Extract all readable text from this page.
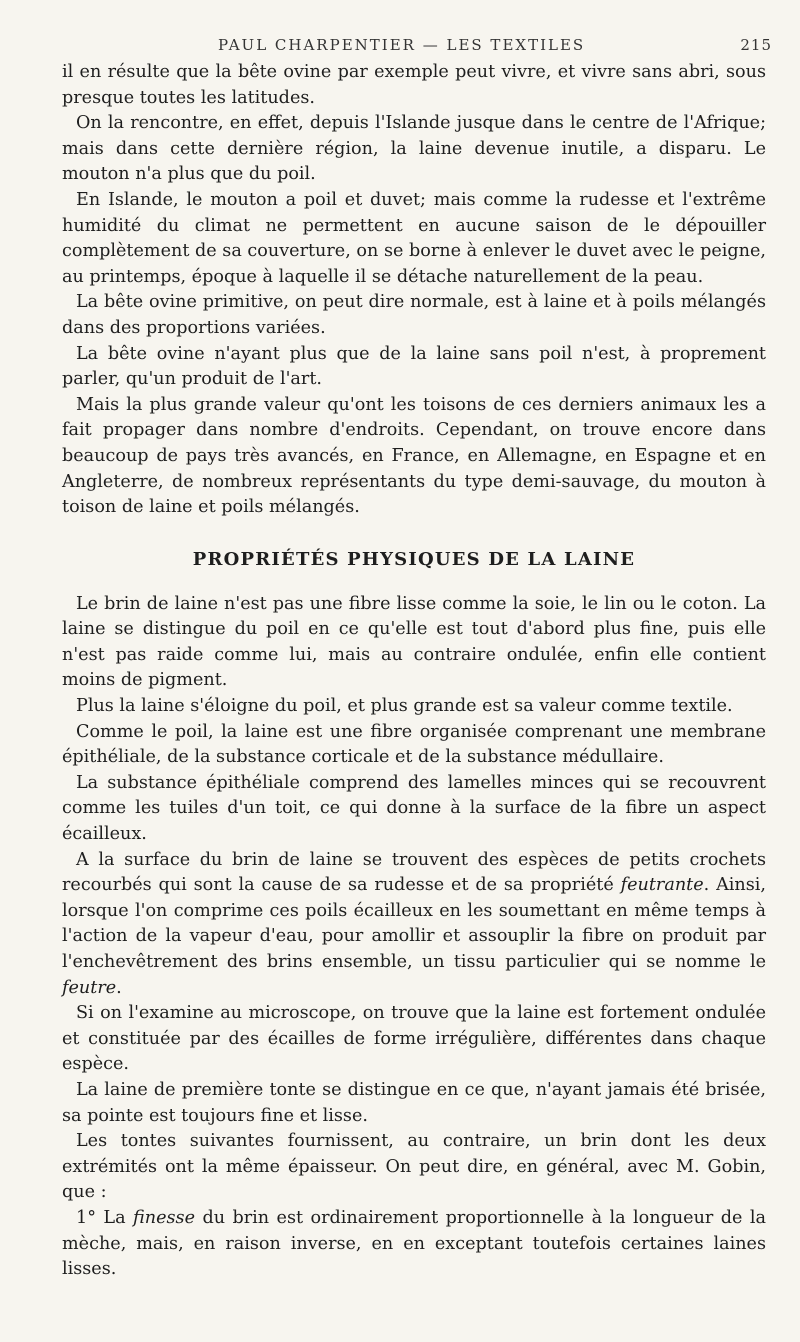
PAUL CHARPENTIER — LES TEXTILES	215

il en résulte que la bête ovine par exemple peut vivre, et vivre sans abri, sous presque toutes les latitudes.

On la rencontre, en effet, depuis l'Islande jusque dans le centre de l'Afrique; mais dans cette dernière région, la laine devenue inutile, a disparu. Le mouton n'a plus que du poil.

En Islande, le mouton a poil et duvet; mais comme la rudesse et l'extrême humidité du climat ne permettent en aucune saison de le dépouiller complètement de sa couverture, on se borne à enlever le duvet avec le peigne, au printemps, époque à laquelle il se détache naturellement de la peau.

La bête ovine primitive, on peut dire normale, est à laine et à poils mélangés dans des proportions variées.

La bête ovine n'ayant plus que de la laine sans poil n'est, à proprement parler, qu'un produit de l'art.

Mais la plus grande valeur qu'ont les toisons de ces derniers animaux les a fait propager dans nombre d'endroits. Cependant, on trouve encore dans beaucoup de pays très avancés, en France, en Allemagne, en Espagne et en Angleterre, de nombreux représentants du type demi-sauvage, du mouton à toison de laine et poils mélangés.

PROPRIÉTÉS PHYSIQUES DE LA LAINE

Le brin de laine n'est pas une fibre lisse comme la soie, le lin ou le coton. La laine se distingue du poil en ce qu'elle est tout d'abord plus fine, puis elle n'est pas raide comme lui, mais au contraire ondulée, enfin elle contient moins de pigment.

Plus la laine s'éloigne du poil, et plus grande est sa valeur comme textile.

Comme le poil, la laine est une fibre organisée comprenant une membrane épithéliale, de la substance corticale et de la substance médullaire.

La substance épithéliale comprend des lamelles minces qui se recouvrent comme les tuiles d'un toit, ce qui donne à la surface de la fibre un aspect écailleux.

A la surface du brin de laine se trouvent des espèces de petits crochets recourbés qui sont la cause de sa rudesse et de sa propriété feutrante. Ainsi, lorsque l'on comprime ces poils écailleux en les soumettant en même temps à l'action de la vapeur d'eau, pour amollir et assouplir la fibre on produit par l'enchevêtrement des brins ensemble, un tissu particulier qui se nomme le feutre.

Si on l'examine au microscope, on trouve que la laine est fortement ondulée et constituée par des écailles de forme irrégulière, différentes dans chaque espèce.

La laine de première tonte se distingue en ce que, n'ayant jamais été brisée, sa pointe est toujours fine et lisse.

Les tontes suivantes fournissent, au contraire, un brin dont les deux extrémités ont la même épaisseur. On peut dire, en général, avec M. Gobin, que :

1° La finesse du brin est ordinairement proportionnelle à la longueur de la mèche, mais, en raison inverse, en en exceptant toutefois certaines laines lisses.
